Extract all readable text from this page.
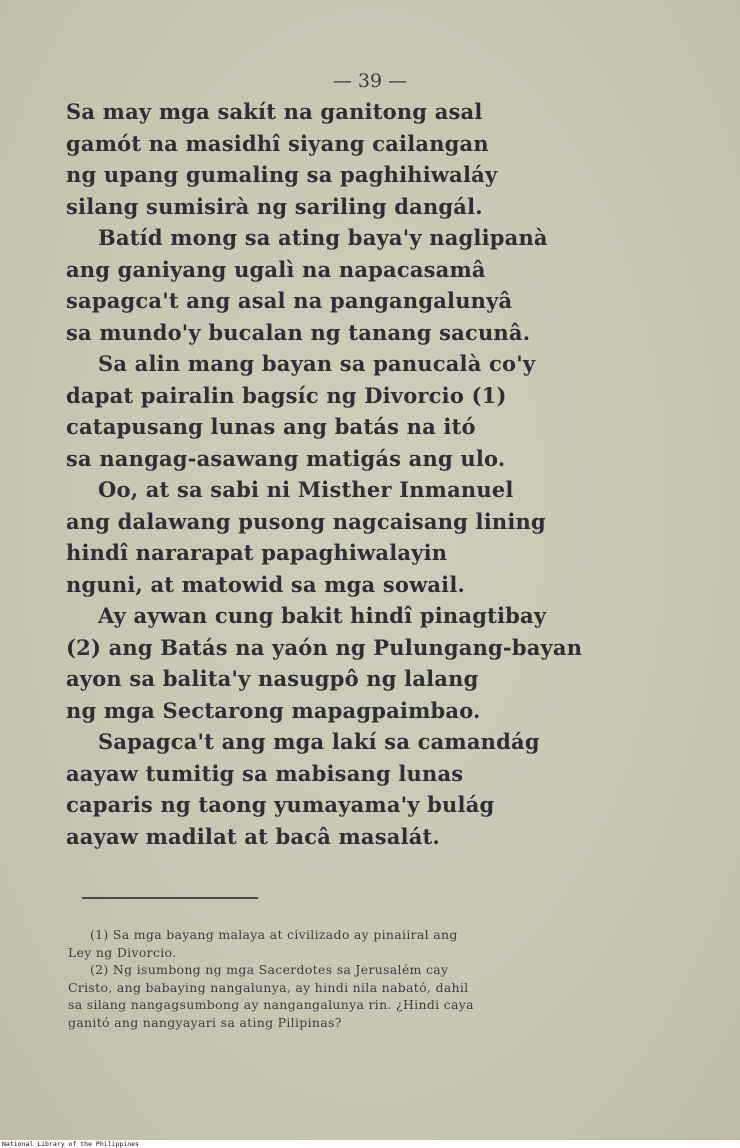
— 39 —
Sa may mga sakít na ganitong asal
gamót na masidhî siyang cailangan
ng upang gumaling sa paghihiwaláy
silang sumisirà ng sariling dangál.
Batíd mong sa ating baya'y naglipanà
ang ganiyang ugalì na napacasamâ
sapagca't ang asal na pangangalunyâ
sa mundo'y bucalan ng tanang sacunâ.
Sa alin mang bayan sa panucalà co'y
dapat pairalin bagsíc ng Divorcio (1)
catapusang lunas ang batás na itó
sa nangag-asawang matigás ang ulo.
Oo, at sa sabi ni Misther Inmanuel
ang dalawang pusong nagcaisang lining
hindî nararapat papaghiwalayin
nguni, at matowid sa mga sowail.
Ay aywan cung bakit hindî pinagtibay
(2) ang Batás na yaón ng Pulungang-bayan
ayon sa balita'y nasugpô ng lalang
ng mga Sectarong mapagpaimbao.
Sapagca't ang mga lakí sa camandág
aayaw tumitig sa mabisang lunas
caparis ng taong yumayama'y bulág
aayaw madilat at bacâ masalát.
(1) Sa mga bayang malaya at civilizado ay pinaiiral ang
Ley ng Divorcio.
(2) Ng isumbong ng mga Sacerdotes sa Jerusalém cay
Cristo, ang babaying nangalunya, ay hindi nila nabató, dahil
sa silang nangagsumbong ay nangangalunya rin. ¿Hindi caya
ganitó ang nangyayari sa ating Pilipinas?
National Library of the Philippines
